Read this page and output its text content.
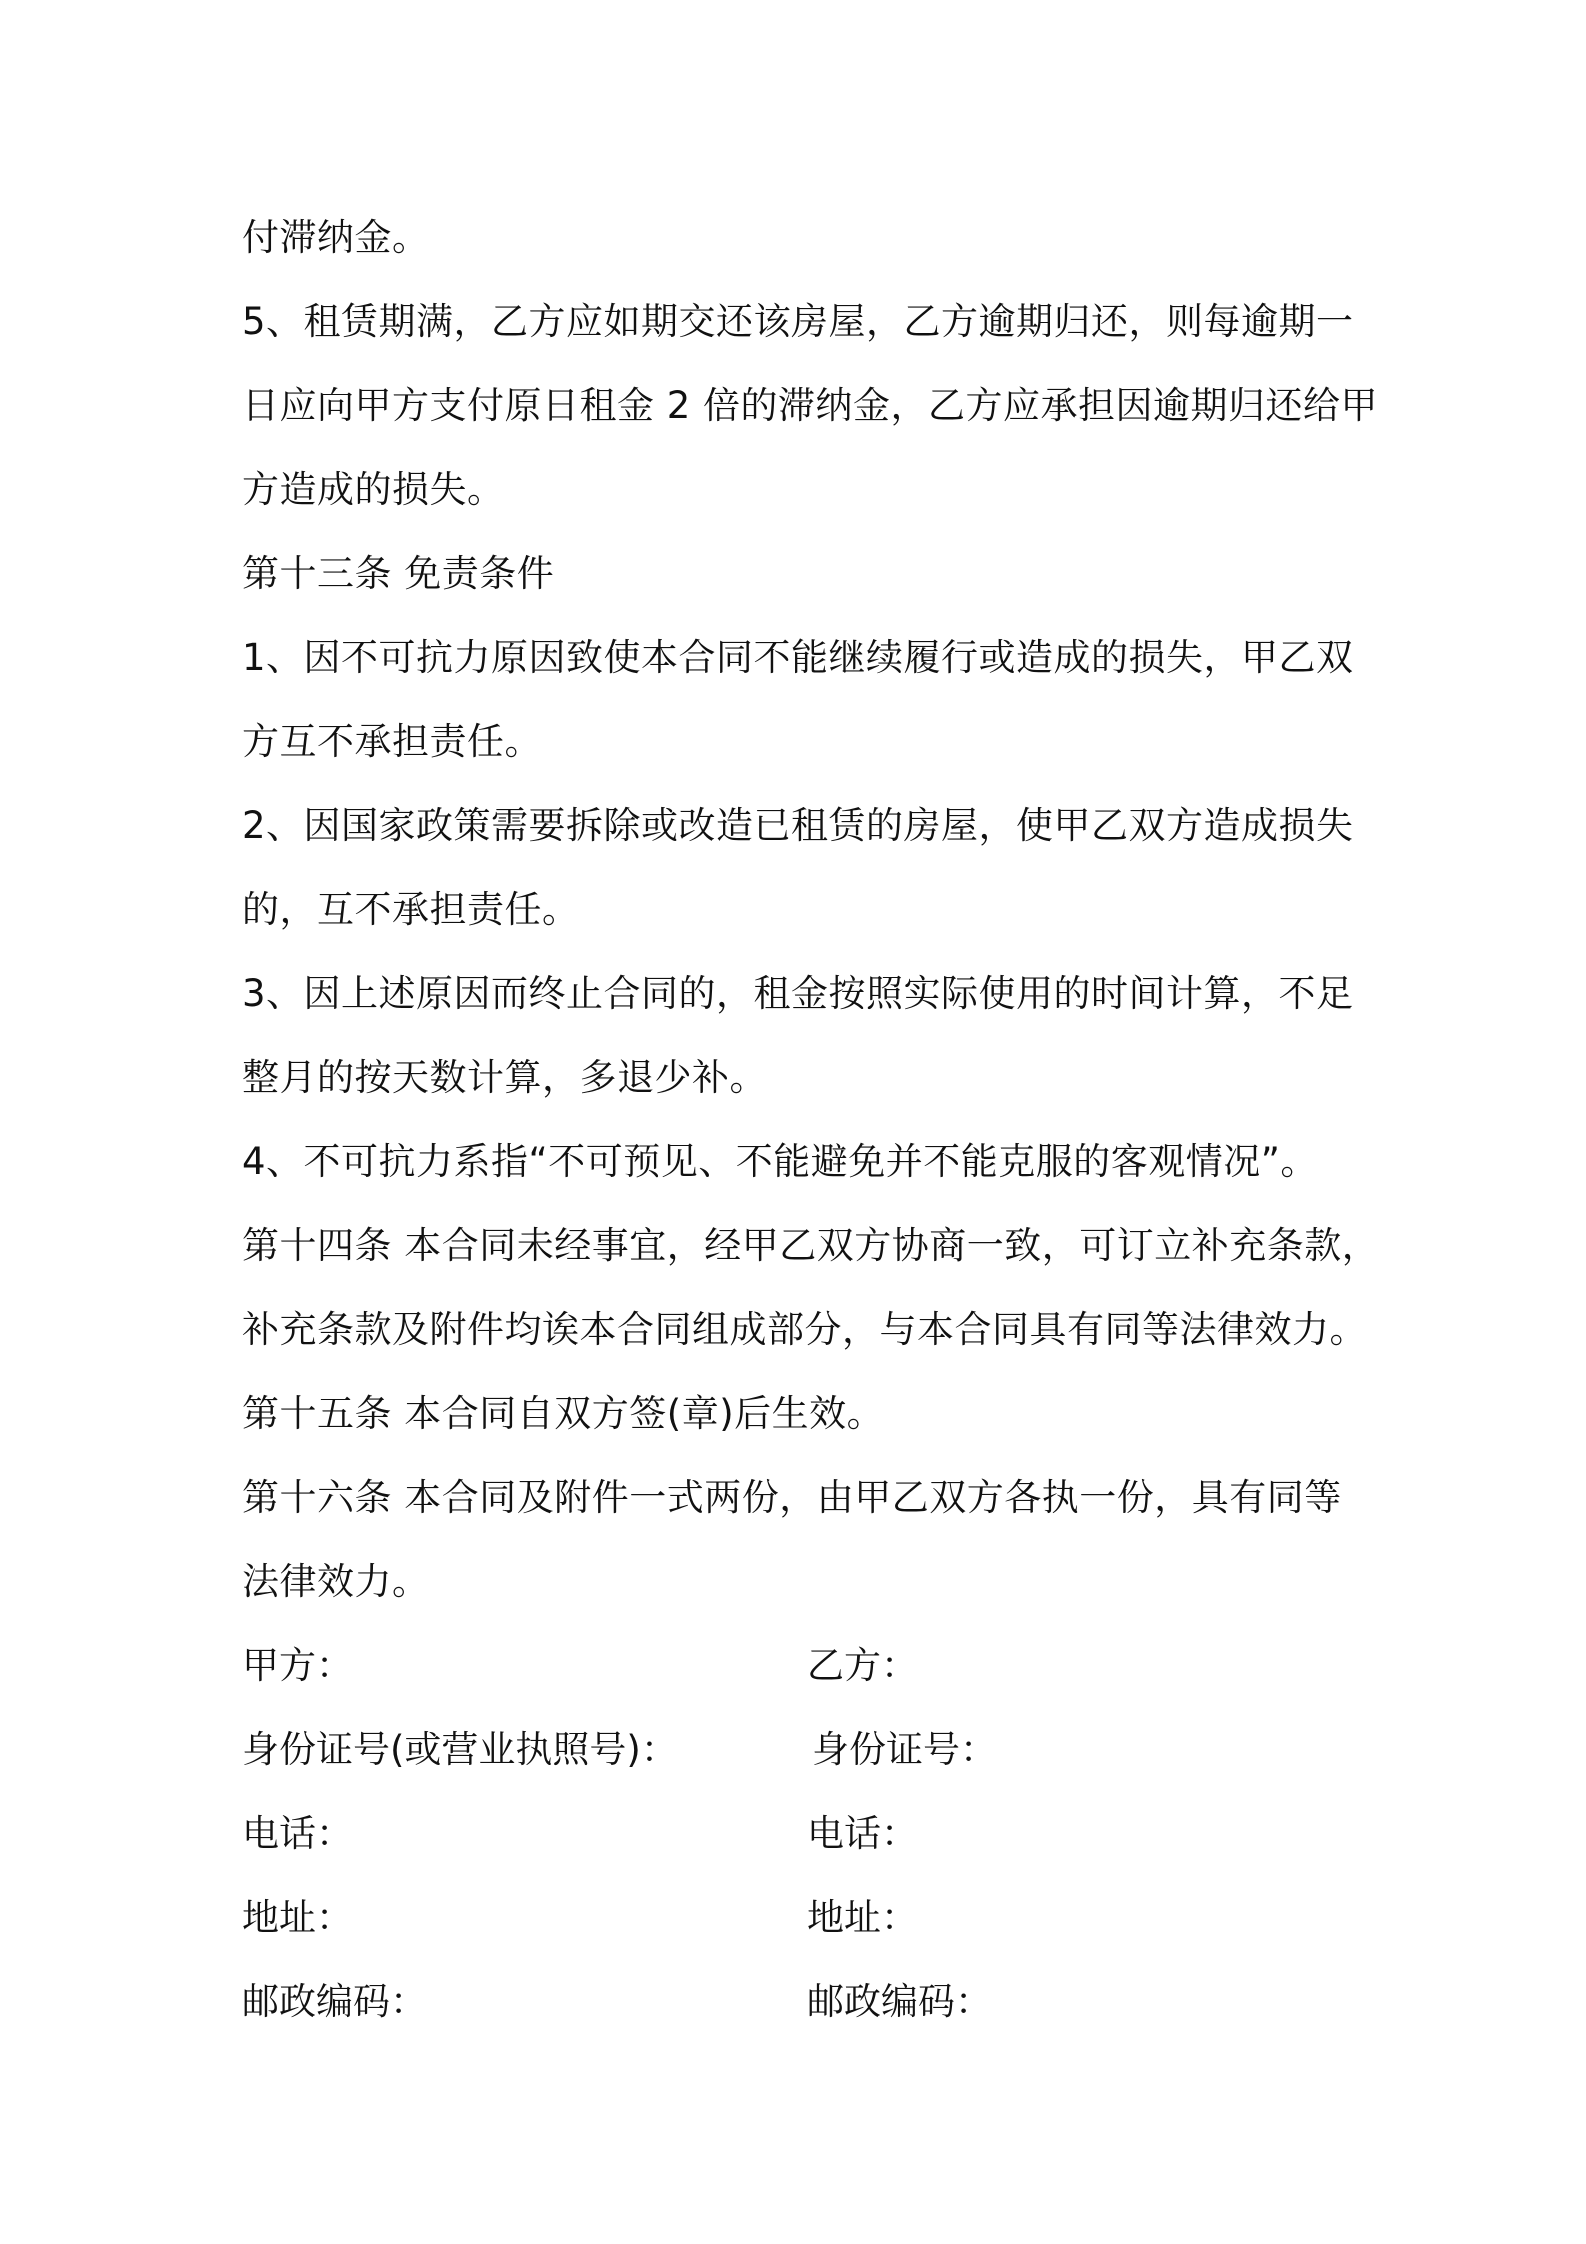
付滞纳金。
5、租赁期满，乙方应如期交还该房屋，乙方逾期归还，则每逾期一
日应向甲方支付原日租金 2 倍的滞纳金，乙方应承担因逾期归还给甲
方造成的损失。
第十三条 免责条件
1、因不可抗力原因致使本合同不能继续履行或造成的损失，甲乙双
方互不承担责任。
2、因国家政策需要拆除或改造已租赁的房屋，使甲乙双方造成损失
的，互不承担责任。
3、因上述原因而终止合同的，租金按照实际使用的时间计算，不足
整月的按天数计算，多退少补。
4、不可抗力系指“不可预见、不能避免并不能克服的客观情况”。
第十四条 本合同未经事宜，经甲乙双方协商一致，可订立补充条款，
补充条款及附件均诶本合同组成部分，与本合同具有同等法律效力。
第十五条 本合同自双方签(章)后生效。
第十六条 本合同及附件一式两份，由甲乙双方各执一份，具有同等
法律效力。
甲方：	乙方：
身份证号(或营业执照号)：	身份证号：
电话：	电话：
地址：	地址：
邮政编码：	邮政编码：
